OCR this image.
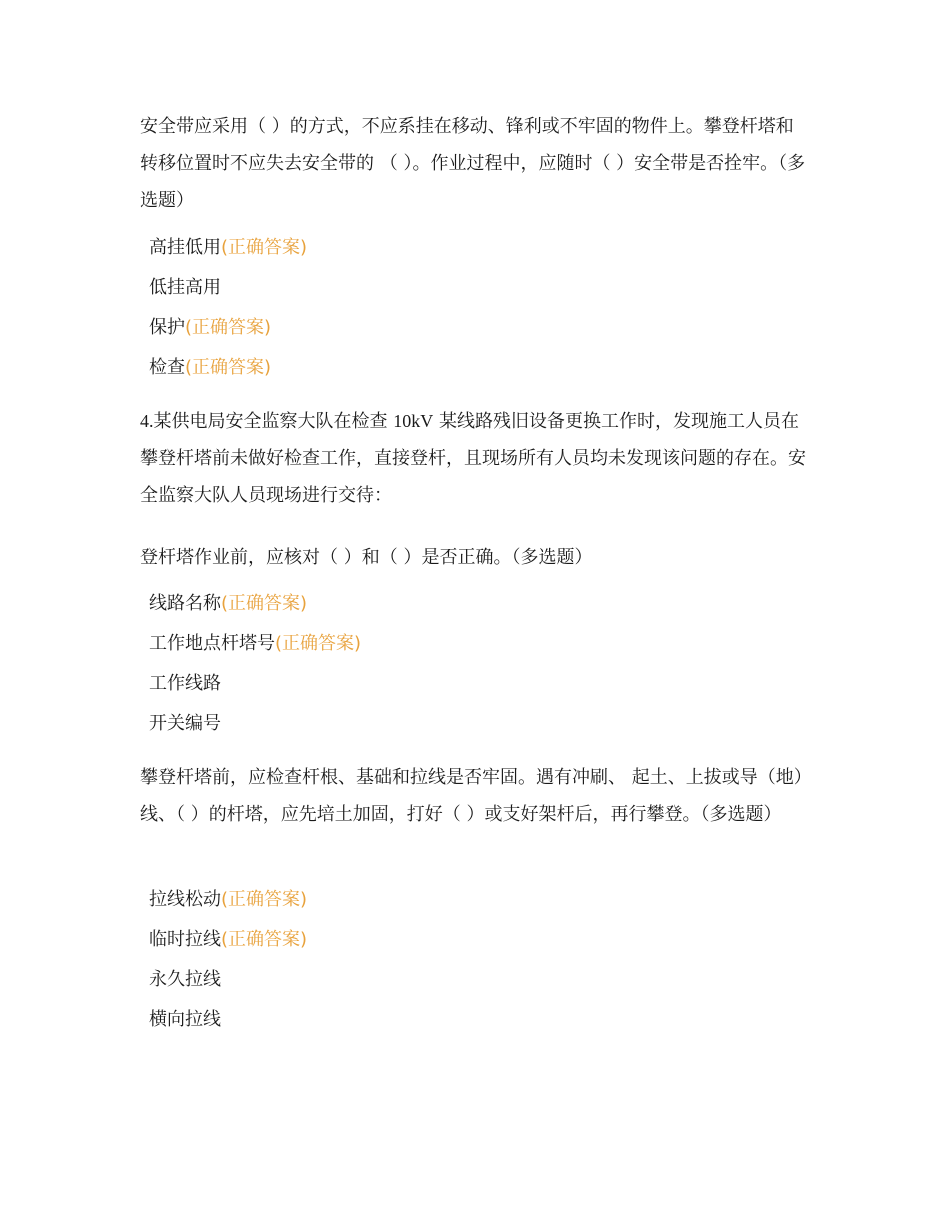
安全带应采用（ ）的方式，不应系挂在移动、锋利或不牢固的物件上。攀登杆塔和转移位置时不应失去安全带的 （ ）。作业过程中，应随时（ ）安全带是否拴牢。（多选题）
高挂低用(正确答案)
低挂高用
保护(正确答案)
检查(正确答案)
4.某供电局安全监察大队在检查 10kV 某线路残旧设备更换工作时，发现施工人员在攀登杆塔前未做好检查工作，直接登杆，且现场所有人员均未发现该问题的存在。安全监察大队人员现场进行交待：
登杆塔作业前，应核对（ ）和（ ）是否正确。（多选题）
线路名称(正确答案)
工作地点杆塔号(正确答案)
工作线路
开关编号
攀登杆塔前，应检查杆根、基础和拉线是否牢固。遇有冲刷、 起土、上拔或导（地）线、（ ）的杆塔，应先培土加固，打好（ ）或支好架杆后，再行攀登。（多选题）
拉线松动(正确答案)
临时拉线(正确答案)
永久拉线
横向拉线
